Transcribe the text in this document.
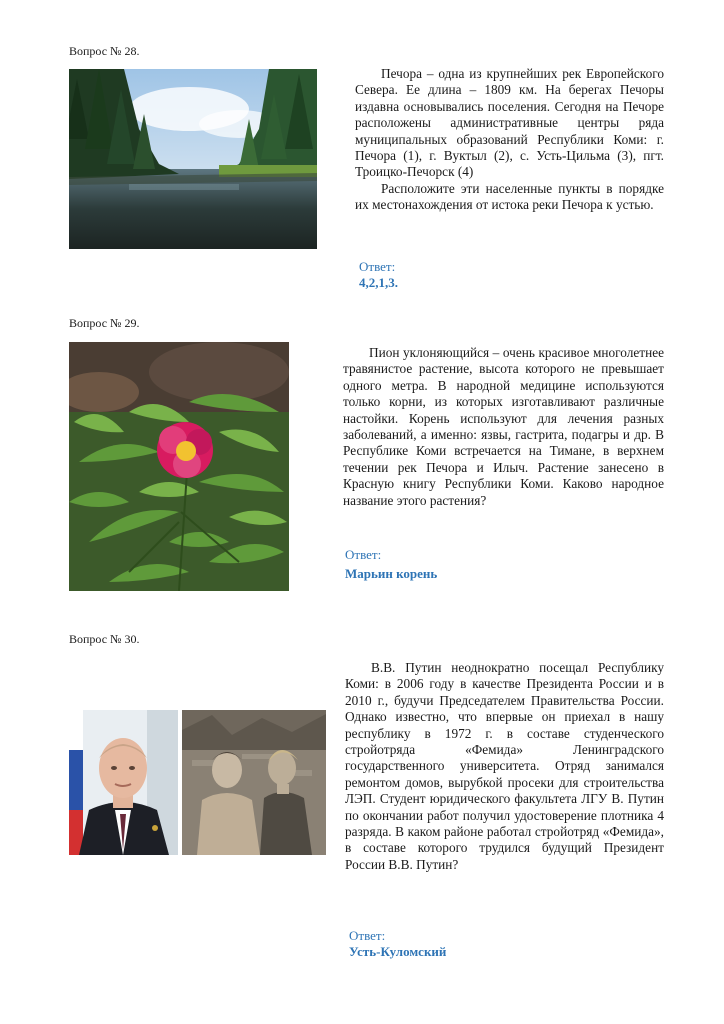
Вопрос № 28.

Печора – одна из крупнейших рек Европейского Севера. Ее длина – 1809 км. На берегах Печоры издавна основывались поселения. Сегодня на Печоре расположены административные центры ряда муниципальных образований Республики Коми: г. Печора (1), г. Вуктыл (2), с. Усть-Цильма (3), пгт. Троицко-Печорск (4)

Расположите эти населенные пункты в порядке их местонахождения от истока реки Печора к устью.

Ответ:
4,2,1,3.
Вопрос № 29.

Пион уклоняющийся – очень красивое многолетнее травянистое растение, высота которого не превышает одного метра. В народной медицине используются только корни, из которых изготавливают различные настойки. Корень используют для лечения разных заболеваний, а именно: язвы, гастрита, подагры и др. В Республике Коми встречается на Тимане, в верхнем течении рек Печора и Илыч. Растение занесено в Красную книгу Республики Коми. Каково народное название этого растения?

Ответ:
Марьин корень
Вопрос № 30.

В.В. Путин неоднократно посещал Республику Коми: в 2006 году в качестве Президента России и в 2010 г., будучи Председателем Правительства России. Однако известно, что впервые он приехал в нашу республику в 1972 г. в составе студенческого стройотряда «Фемида» Ленинградского государственного университета. Отряд занимался ремонтом домов, вырубкой просеки для строительства ЛЭП. Студент юридического факультета ЛГУ В. Путин по окончании работ получил удостоверение плотника 4 разряда. В каком районе работал стройотряд «Фемида», в составе которого трудился будущий Президент России В.В. Путин?

Ответ:
Усть-Куломский
